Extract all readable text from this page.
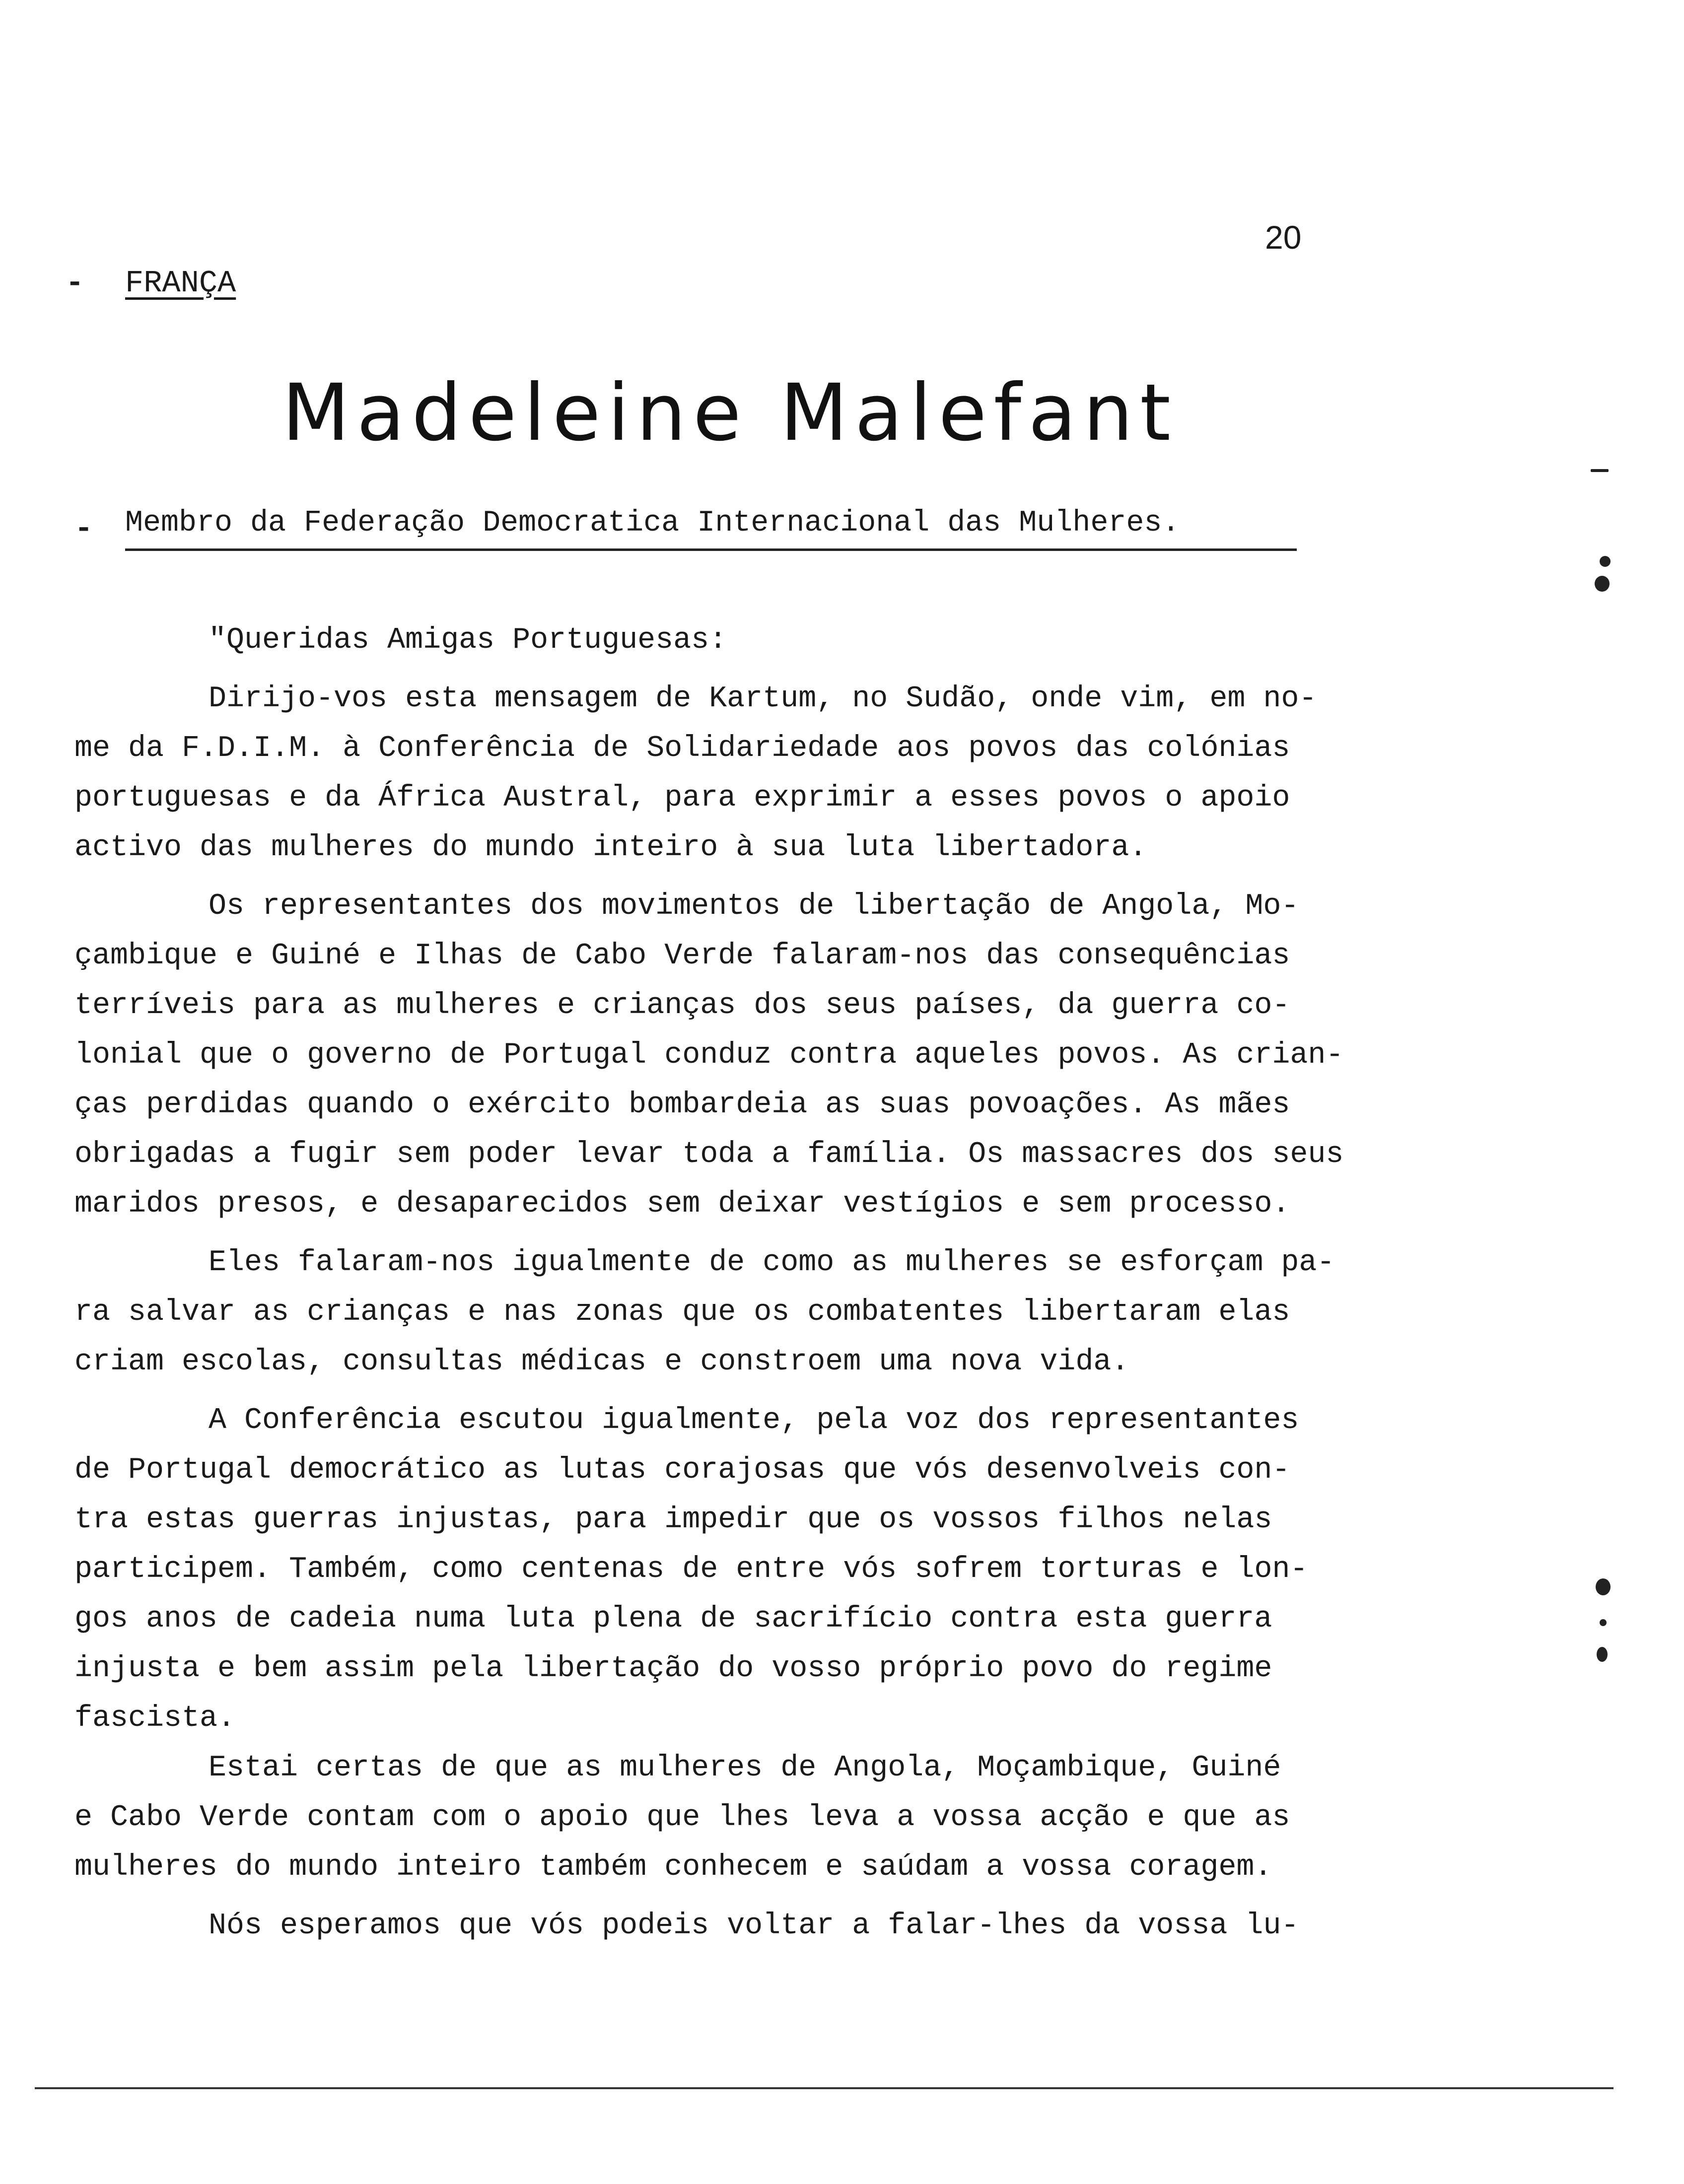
20
- FRANÇA
Madeleine Malefant
- Membro da Federação Democratica Internacional das Mulheres.
"Queridas Amigas Portuguesas:
Dirijo-vos esta mensagem de Kartum, no Sudão, onde vim, em no-
me da F.D.I.M. à Conferência de Solidariedade aos povos das colónias
portuguesas e da África Austral, para exprimir a esses povos o apoio
activo das mulheres do mundo inteiro à sua luta libertadora.
Os representantes dos movimentos de libertação de Angola, Mo-
çambique e Guiné e Ilhas de Cabo Verde falaram-nos das consequências
terríveis para as mulheres e crianças dos seus países, da guerra co-
lonial que o governo de Portugal conduz contra aqueles povos. As crian-
ças perdidas quando o exército bombardeia as suas povoações. As mães
obrigadas a fugir sem poder levar toda a família. Os massacres dos seus
maridos presos, e desaparecidos sem deixar vestígios e sem processo.
Eles falaram-nos igualmente de como as mulheres se esforçam pa-
ra salvar as crianças e nas zonas que os combatentes libertaram elas
criam escolas, consultas médicas e constroem uma nova vida.
A Conferência escutou igualmente, pela voz dos representantes
de Portugal democrático as lutas corajosas que vós desenvolveis con-
tra estas guerras injustas, para impedir que os vossos filhos nelas
participem. Também, como centenas de entre vós sofrem torturas e lon-
gos anos de cadeia numa luta plena de sacrifício contra esta guerra
injusta e bem assim pela libertação do vosso próprio povo do regime
fascista.
Estai certas de que as mulheres de Angola, Moçambique, Guiné
e Cabo Verde contam com o apoio que lhes leva a vossa acção e que as
mulheres do mundo inteiro também conhecem e saúdam a vossa coragem.
Nós esperamos que vós podeis voltar a falar-lhes da vossa lu-
